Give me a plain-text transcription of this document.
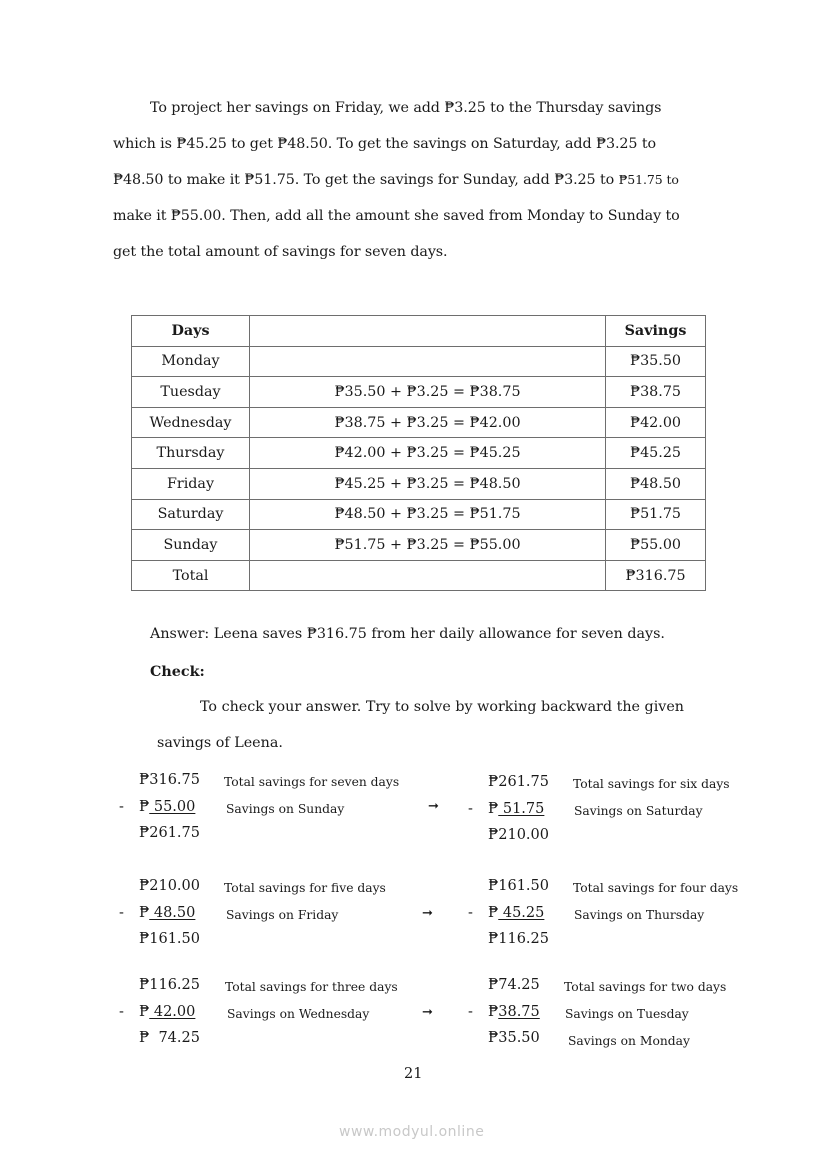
To project her savings on Friday, we add ₱3.25 to the Thursday savings
which is ₱45.25 to get ₱48.50. To get the savings on Saturday, add ₱3.25 to
₱48.50 to make it ₱51.75. To get the savings for Sunday, add ₱3.25 to ₱51.75 to
make it ₱55.00. Then, add all the amount she saved from Monday to Sunday to
get the total amount of savings for seven days.
Days		Savings
Monday		₱35.50
Tuesday	₱35.50 + ₱3.25 = ₱38.75	₱38.75
Wednesday	₱38.75 + ₱3.25 = ₱42.00	₱42.00
Thursday	₱42.00 + ₱3.25 = ₱45.25	₱45.25
Friday	₱45.25 + ₱3.25 = ₱48.50	₱48.50
Saturday	₱48.50 + ₱3.25 = ₱51.75	₱51.75
Sunday	₱51.75 + ₱3.25 = ₱55.00	₱55.00
Total		₱316.75
Answer: Leena saves ₱316.75 from her daily allowance for seven days.
Check:
To check your answer. Try to solve by working backward the given
savings of Leena.
₱316.75 Total savings for seven days
- ₱ 55.00 Savings on Sunday
₱261.75
₱210.00 Total savings for five days
- ₱ 48.50 Savings on Friday
₱161.50
₱116.25 Total savings for three days
- ₱ 42.00	Savings on Wednesday
₱  74.25
➞
➞
➞
₱261.75 Total savings for six days
- ₱ 51.75 Savings on Saturday
₱210.00
₱161.50 Total savings for four days
- ₱ 45.25 Savings on Thursday
₱116.25
₱74.25 Total savings for two days
- ₱38.75 Savings on Tuesday
₱35.50 Savings on Monday
21
www.modyul.online
